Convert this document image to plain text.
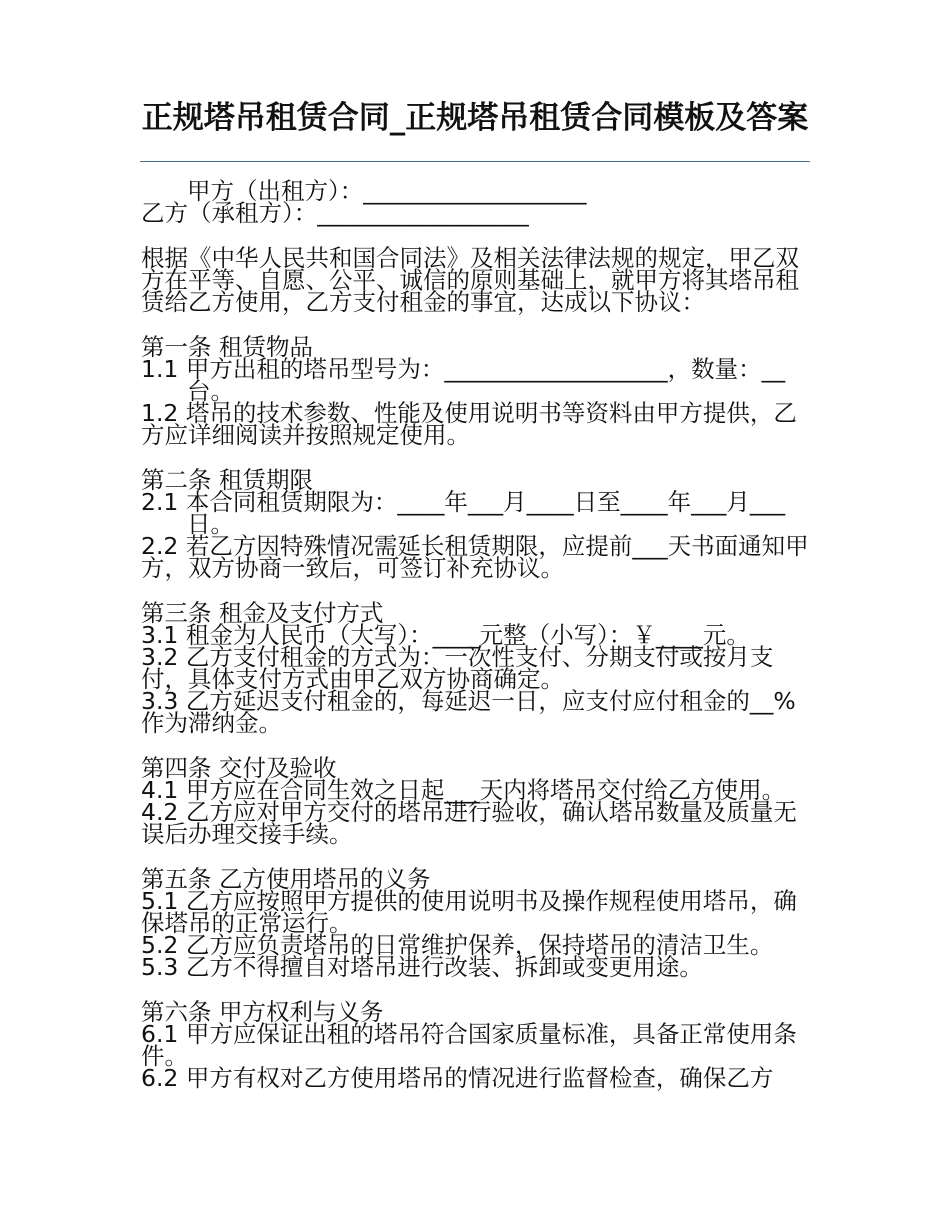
正规塔吊租赁合同_正规塔吊租赁合同模板及答案
甲方（出租方）：___________________
乙方（承租方）：__________________
根据《中华人民共和国合同法》及相关法律法规的规定，甲乙双方在平等、自愿、公平、诚信的原则基础上，就甲方将其塔吊租赁给乙方使用，乙方支付租金的事宜，达成以下协议：
第一条 租赁物品
1.1 甲方出租的塔吊型号为：___________________，数量：__台。
1.2 塔吊的技术参数、性能及使用说明书等资料由甲方提供，乙方应详细阅读并按照规定使用。
第二条 租赁期限
2.1 本合同租赁期限为：____年___月____日至____年___月___日。
2.2 若乙方因特殊情况需延长租赁期限，应提前___天书面通知甲方，双方协商一致后，可签订补充协议。
第三条 租金及支付方式
3.1 租金为人民币（大写）：____元整（小写）：￥____元。
3.2 乙方支付租金的方式为：一次性支付、分期支付或按月支付，具体支付方式由甲乙双方协商确定。
3.3 乙方延迟支付租金的，每延迟一日，应支付应付租金的__%作为滞纳金。
第四条 交付及验收
4.1 甲方应在合同生效之日起___天内将塔吊交付给乙方使用。
4.2 乙方应对甲方交付的塔吊进行验收，确认塔吊数量及质量无误后办理交接手续。
第五条 乙方使用塔吊的义务
5.1 乙方应按照甲方提供的使用说明书及操作规程使用塔吊，确保塔吊的正常运行。
5.2 乙方应负责塔吊的日常维护保养，保持塔吊的清洁卫生。
5.3 乙方不得擅自对塔吊进行改装、拆卸或变更用途。
第六条 甲方权利与义务
6.1 甲方应保证出租的塔吊符合国家质量标准，具备正常使用条件。
6.2 甲方有权对乙方使用塔吊的情况进行监督检查，确保乙方
